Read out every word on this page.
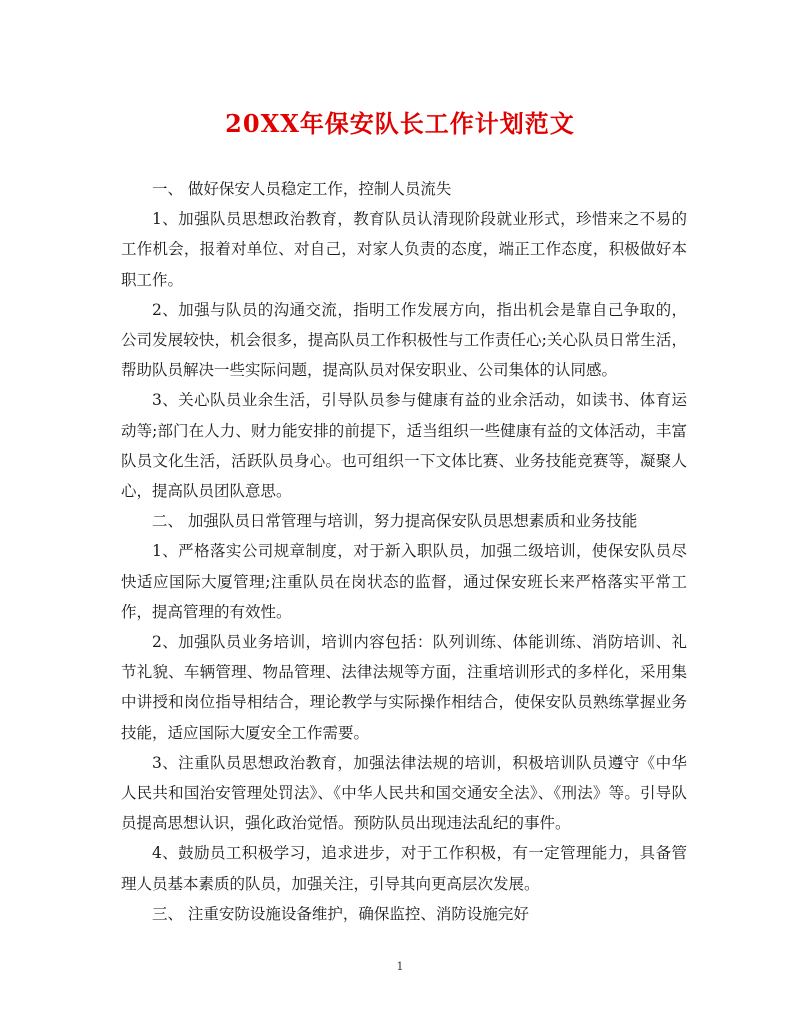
20XX年保安队长工作计划范文

一、 做好保安人员稳定工作，控制人员流失

1、加强队员思想政治教育，教育队员认清现阶段就业形式，珍惜来之不易的工作机会，报着对单位、对自己，对家人负责的态度，端正工作态度，积极做好本职工作。

2、加强与队员的沟通交流，指明工作发展方向，指出机会是靠自己争取的，公司发展较快，机会很多，提高队员工作积极性与工作责任心;关心队员日常生活，帮助队员解决一些实际问题，提高队员对保安职业、公司集体的认同感。

3、关心队员业余生活，引导队员参与健康有益的业余活动，如读书、体育运动等;部门在人力、财力能安排的前提下，适当组织一些健康有益的文体活动，丰富队员文化生活，活跃队员身心。也可组织一下文体比赛、业务技能竞赛等，凝聚人心，提高队员团队意思。

二、 加强队员日常管理与培训，努力提高保安队员思想素质和业务技能

1、严格落实公司规章制度，对于新入职队员，加强二级培训，使保安队员尽快适应国际大厦管理;注重队员在岗状态的监督，通过保安班长来严格落实平常工作，提高管理的有效性。

2、加强队员业务培训，培训内容包括：队列训练、体能训练、消防培训、礼节礼貌、车辆管理、物品管理、法律法规等方面，注重培训形式的多样化，采用集中讲授和岗位指导相结合，理论教学与实际操作相结合，使保安队员熟练掌握业务技能，适应国际大厦安全工作需要。

3、注重队员思想政治教育，加强法律法规的培训，积极培训队员遵守《中华人民共和国治安管理处罚法》、《中华人民共和国交通安全法》、《刑法》等。引导队员提高思想认识，强化政治觉悟。预防队员出现违法乱纪的事件。

4、鼓励员工积极学习，追求进步，对于工作积极，有一定管理能力，具备管理人员基本素质的队员，加强关注，引导其向更高层次发展。

三、 注重安防设施设备维护，确保监控、消防设施完好

1
